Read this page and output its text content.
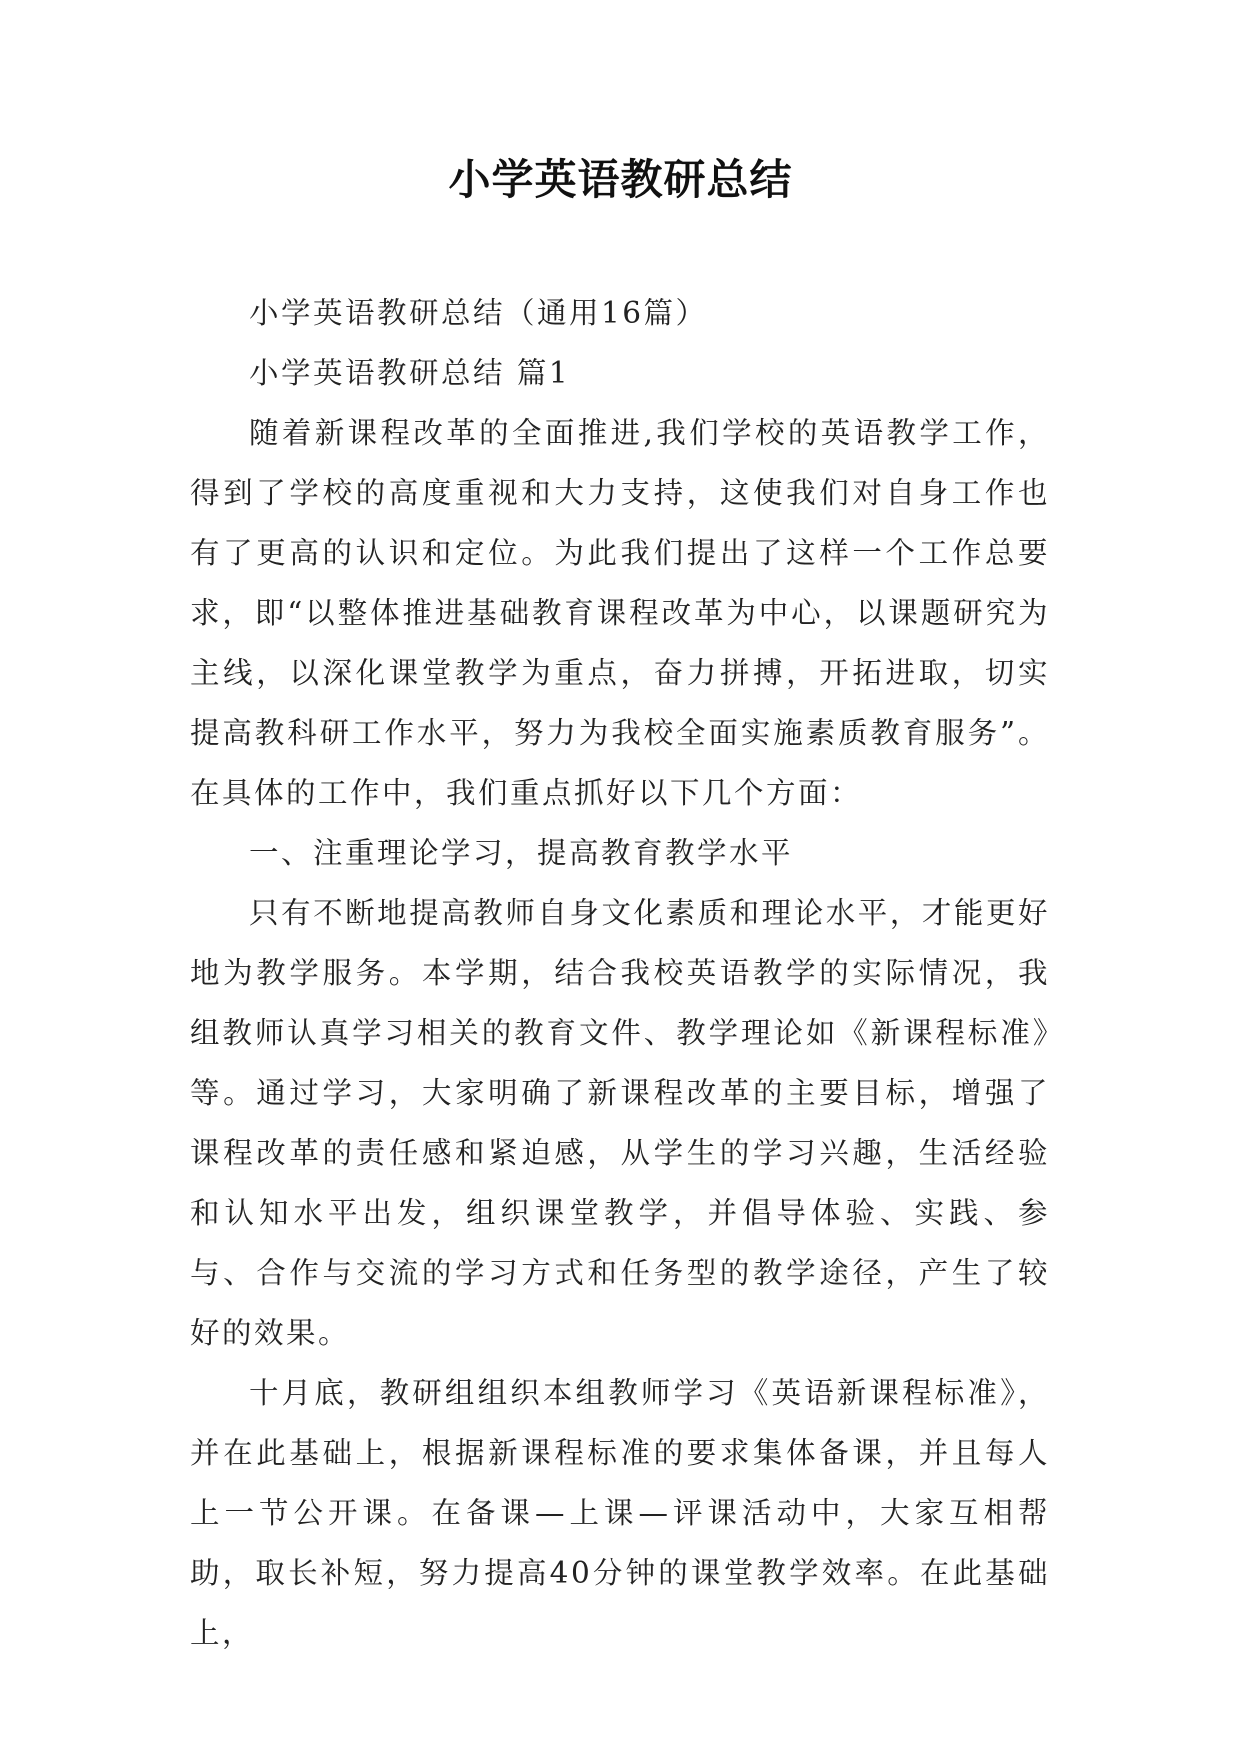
小学英语教研总结

小学英语教研总结（通用16篇）

小学英语教研总结 篇1

随着新课程改革的全面推进,我们学校的英语教学工作，得到了学校的高度重视和大力支持，这使我们对自身工作也有了更高的认识和定位。为此我们提出了这样一个工作总要求，即“以整体推进基础教育课程改革为中心，以课题研究为主线，以深化课堂教学为重点，奋力拼搏，开拓进取，切实提高教科研工作水平，努力为我校全面实施素质教育服务”。在具体的工作中，我们重点抓好以下几个方面：

一、注重理论学习，提高教育教学水平

只有不断地提高教师自身文化素质和理论水平，才能更好地为教学服务。本学期，结合我校英语教学的实际情况，我组教师认真学习相关的教育文件、教学理论如《新课程标准》等。通过学习，大家明确了新课程改革的主要目标，增强了课程改革的责任感和紧迫感，从学生的学习兴趣，生活经验和认知水平出发，组织课堂教学，并倡导体验、实践、参与、合作与交流的学习方式和任务型的教学途径，产生了较好的效果。

十月底，教研组组织本组教师学习《英语新课程标准》，并在此基础上，根据新课程标准的要求集体备课，并且每人上一节公开课。在备课—上课—评课活动中，大家互相帮助，取长补短，努力提高40分钟的课堂教学效率。在此基础上，
